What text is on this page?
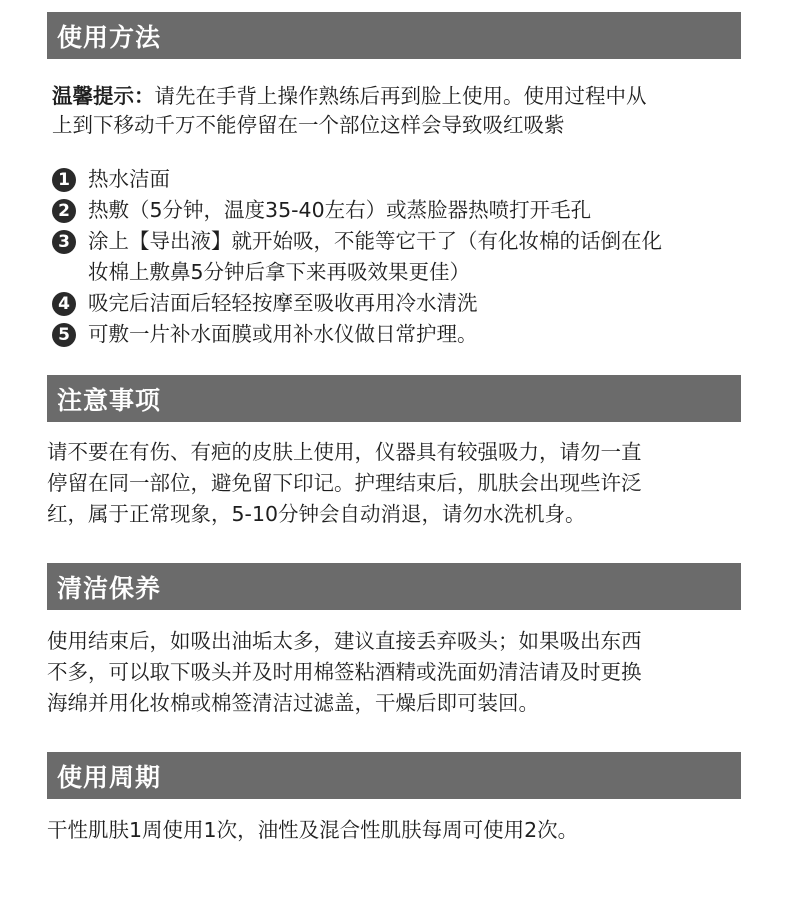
使用方法
温馨提示：请先在手背上操作熟练后再到脸上使用。使用过程中从
上到下移动千万不能停留在一个部位这样会导致吸红吸紫
1 热水洁面
2 热敷（5分钟，温度35-40左右）或蒸脸器热喷打开毛孔
3 涂上【导出液】就开始吸，不能等它干了（有化妆棉的话倒在化
妆棉上敷鼻5分钟后拿下来再吸效果更佳）
4 吸完后洁面后轻轻按摩至吸收再用冷水清洗
5 可敷一片补水面膜或用补水仪做日常护理。
注意事项
请不要在有伤、有疤的皮肤上使用，仪器具有较强吸力，请勿一直
停留在同一部位，避免留下印记。护理结束后，肌肤会出现些许泛
红，属于正常现象，5-10分钟会自动消退，请勿水洗机身。
清洁保养
使用结束后，如吸出油垢太多，建议直接丢弃吸头；如果吸出东西
不多，可以取下吸头并及时用棉签粘酒精或洗面奶清洁请及时更换
海绵并用化妆棉或棉签清洁过滤盖，干燥后即可装回。
使用周期
干性肌肤1周使用1次，油性及混合性肌肤每周可使用2次。
